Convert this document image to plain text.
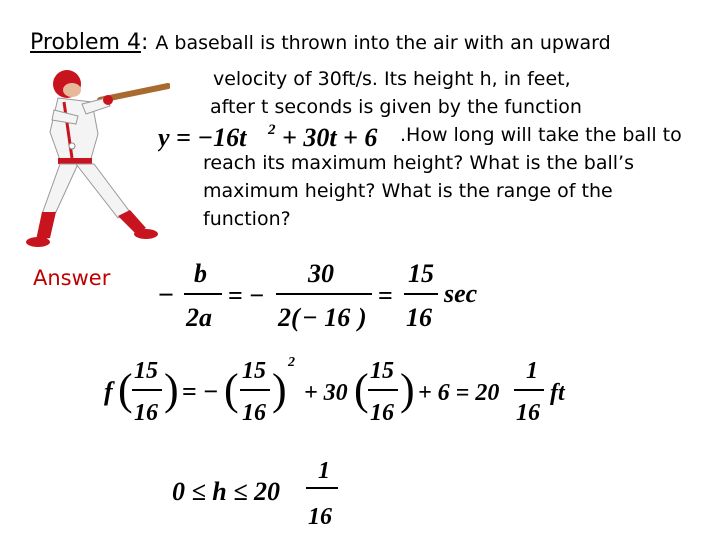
Problem 4: A baseball is thrown into the air with an upward
velocity of 30ft/s. Its height h, in feet,
after t seconds is given by the function
y = −16t 2 + 30t + 6 .How long will take the ball to
reach its maximum height? What is the ball’s
maximum height? What is the range of the
function?
Answer
−
b
2a
= −
30
2( − 16 )
=
15
16
sec
f ( 15
16 ) = − ( 15
16 )
2
+ 30 ( 15
16 ) + 6 = 20
1
16
ft
0 ≤ h ≤ 20
1
16
